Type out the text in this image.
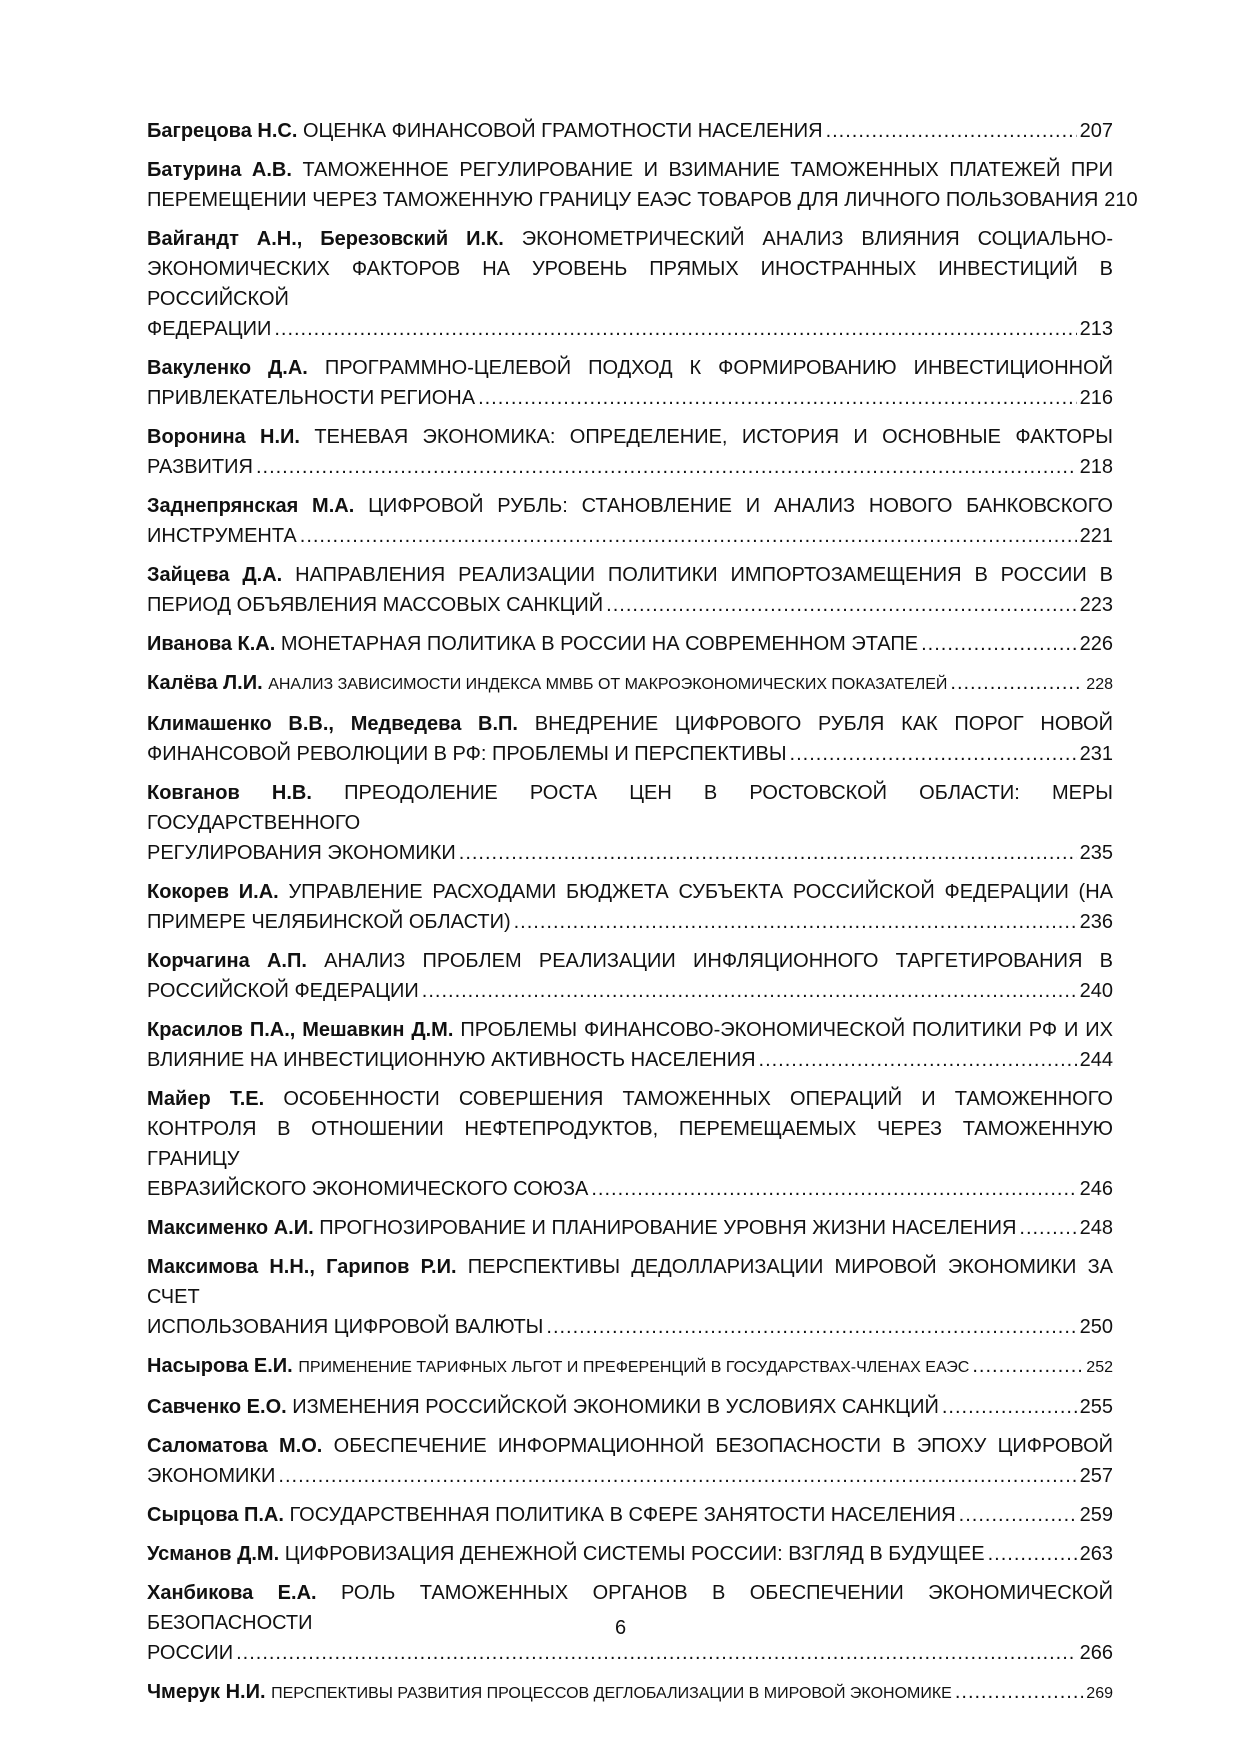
Багрецова Н.С. ОЦЕНКА ФИНАНСОВОЙ ГРАМОТНОСТИ НАСЕЛЕНИЯ .....	207
Батурина А.В. ТАМОЖЕННОЕ РЕГУЛИРОВАНИЕ И ВЗИМАНИЕ ТАМОЖЕННЫХ ПЛАТЕЖЕЙ ПРИ
ПЕРЕМЕЩЕНИИ ЧЕРЕЗ ТАМОЖЕННУЮ ГРАНИЦУ ЕАЭС ТОВАРОВ ДЛЯ ЛИЧНОГО ПОЛЬЗОВАНИЯ 210
Вайгандт А.Н., Березовский И.К. ЭКОНОМЕТРИЧЕСКИЙ АНАЛИЗ ВЛИЯНИЯ СОЦИАЛЬНО-ЭКОНОМИЧЕСКИХ ФАКТОРОВ НА УРОВЕНЬ ПРЯМЫХ ИНОСТРАННЫХ ИНВЕСТИЦИЙ В РОССИЙСКОЙ
ФЕДЕРАЦИИ .....	213
Вакуленко Д.А. ПРОГРАММНО-ЦЕЛЕВОЙ ПОДХОД К ФОРМИРОВАНИЮ ИНВЕСТИЦИОННОЙ
ПРИВЛЕКАТЕЛЬНОСТИ РЕГИОНА .....	216
Воронина Н.И. ТЕНЕВАЯ ЭКОНОМИКА: ОПРЕДЕЛЕНИЕ, ИСТОРИЯ И ОСНОВНЫЕ ФАКТОРЫ
РАЗВИТИЯ .....	218
Заднепрянская М.А. ЦИФРОВОЙ РУБЛЬ: СТАНОВЛЕНИЕ И АНАЛИЗ НОВОГО БАНКОВСКОГО
ИНСТРУМЕНТА .....	221
Зайцева Д.А. НАПРАВЛЕНИЯ РЕАЛИЗАЦИИ ПОЛИТИКИ ИМПОРТОЗАМЕЩЕНИЯ В РОССИИ В
ПЕРИОД ОБЪЯВЛЕНИЯ МАССОВЫХ САНКЦИЙ .....	223
Иванова К.А. МОНЕТАРНАЯ ПОЛИТИКА В РОССИИ НА СОВРЕМЕННОМ ЭТАПЕ .....	226
Калёва Л.И. АНАЛИЗ ЗАВИСИМОСТИ ИНДЕКСА ММВБ ОТ МАКРОЭКОНОМИЧЕСКИХ ПОКАЗАТЕЛЕЙ .....	228
Климашенко В.В., Медведева В.П. ВНЕДРЕНИЕ ЦИФРОВОГО РУБЛЯ КАК ПОРОГ НОВОЙ
ФИНАНСОВОЙ РЕВОЛЮЦИИ В РФ: ПРОБЛЕМЫ И ПЕРСПЕКТИВЫ .....	231
Ковганов Н.В. ПРЕОДОЛЕНИЕ РОСТА ЦЕН В РОСТОВСКОЙ ОБЛАСТИ: МЕРЫ ГОСУДАРСТВЕННОГО
РЕГУЛИРОВАНИЯ ЭКОНОМИКИ .....	235
Кокорев И.А. УПРАВЛЕНИЕ РАСХОДАМИ БЮДЖЕТА СУБЪЕКТА РОССИЙСКОЙ ФЕДЕРАЦИИ (НА
ПРИМЕРЕ ЧЕЛЯБИНСКОЙ ОБЛАСТИ) .....	236
Корчагина А.П. АНАЛИЗ ПРОБЛЕМ РЕАЛИЗАЦИИ ИНФЛЯЦИОННОГО ТАРГЕТИРОВАНИЯ В
РОССИЙСКОЙ ФЕДЕРАЦИИ .....	240
Красилов П.А., Мешавкин Д.М. ПРОБЛЕМЫ ФИНАНСОВО-ЭКОНОМИЧЕСКОЙ ПОЛИТИКИ РФ И ИХ
ВЛИЯНИЕ НА ИНВЕСТИЦИОННУЮ АКТИВНОСТЬ НАСЕЛЕНИЯ .....	244
Майер Т.Е. ОСОБЕННОСТИ СОВЕРШЕНИЯ ТАМОЖЕННЫХ ОПЕРАЦИЙ И ТАМОЖЕННОГО КОНТРОЛЯ В ОТНОШЕНИИ НЕФТЕПРОДУКТОВ, ПЕРЕМЕЩАЕМЫХ ЧЕРЕЗ ТАМОЖЕННУЮ ГРАНИЦУ
ЕВРАЗИЙСКОГО ЭКОНОМИЧЕСКОГО СОЮЗА .....	246
Максименко А.И. ПРОГНОЗИРОВАНИЕ И ПЛАНИРОВАНИЕ УРОВНЯ ЖИЗНИ НАСЕЛЕНИЯ .....	248
Максимова Н.Н., Гарипов Р.И. ПЕРСПЕКТИВЫ ДЕДОЛЛАРИЗАЦИИ МИРОВОЙ ЭКОНОМИКИ ЗА СЧЕТ
ИСПОЛЬЗОВАНИЯ ЦИФРОВОЙ ВАЛЮТЫ .....	250
Насырова Е.И. ПРИМЕНЕНИЕ ТАРИФНЫХ ЛЬГОТ И ПРЕФЕРЕНЦИЙ В ГОСУДАРСТВАХ-ЧЛЕНАХ ЕАЭС .....	252
Савченко Е.О. ИЗМЕНЕНИЯ РОССИЙСКОЙ ЭКОНОМИКИ В УСЛОВИЯХ САНКЦИЙ .....	255
Саломатова М.О. ОБЕСПЕЧЕНИЕ ИНФОРМАЦИОННОЙ БЕЗОПАСНОСТИ В ЭПОХУ ЦИФРОВОЙ
ЭКОНОМИКИ .....	257
Сырцова П.А. ГОСУДАРСТВЕННАЯ ПОЛИТИКА В СФЕРЕ ЗАНЯТОСТИ НАСЕЛЕНИЯ .....	259
Усманов Д.М. ЦИФРОВИЗАЦИЯ ДЕНЕЖНОЙ СИСТЕМЫ РОССИИ: ВЗГЛЯД В БУДУЩЕЕ .....	263
Ханбикова Е.А. РОЛЬ ТАМОЖЕННЫХ ОРГАНОВ В ОБЕСПЕЧЕНИИ ЭКОНОМИЧЕСКОЙ БЕЗОПАСНОСТИ
РОССИИ .....	266
Чмерук Н.И. ПЕРСПЕКТИВЫ РАЗВИТИЯ ПРОЦЕССОВ ДЕГЛОБАЛИЗАЦИИ В МИРОВОЙ ЭКОНОМИКЕ .....	269
6
